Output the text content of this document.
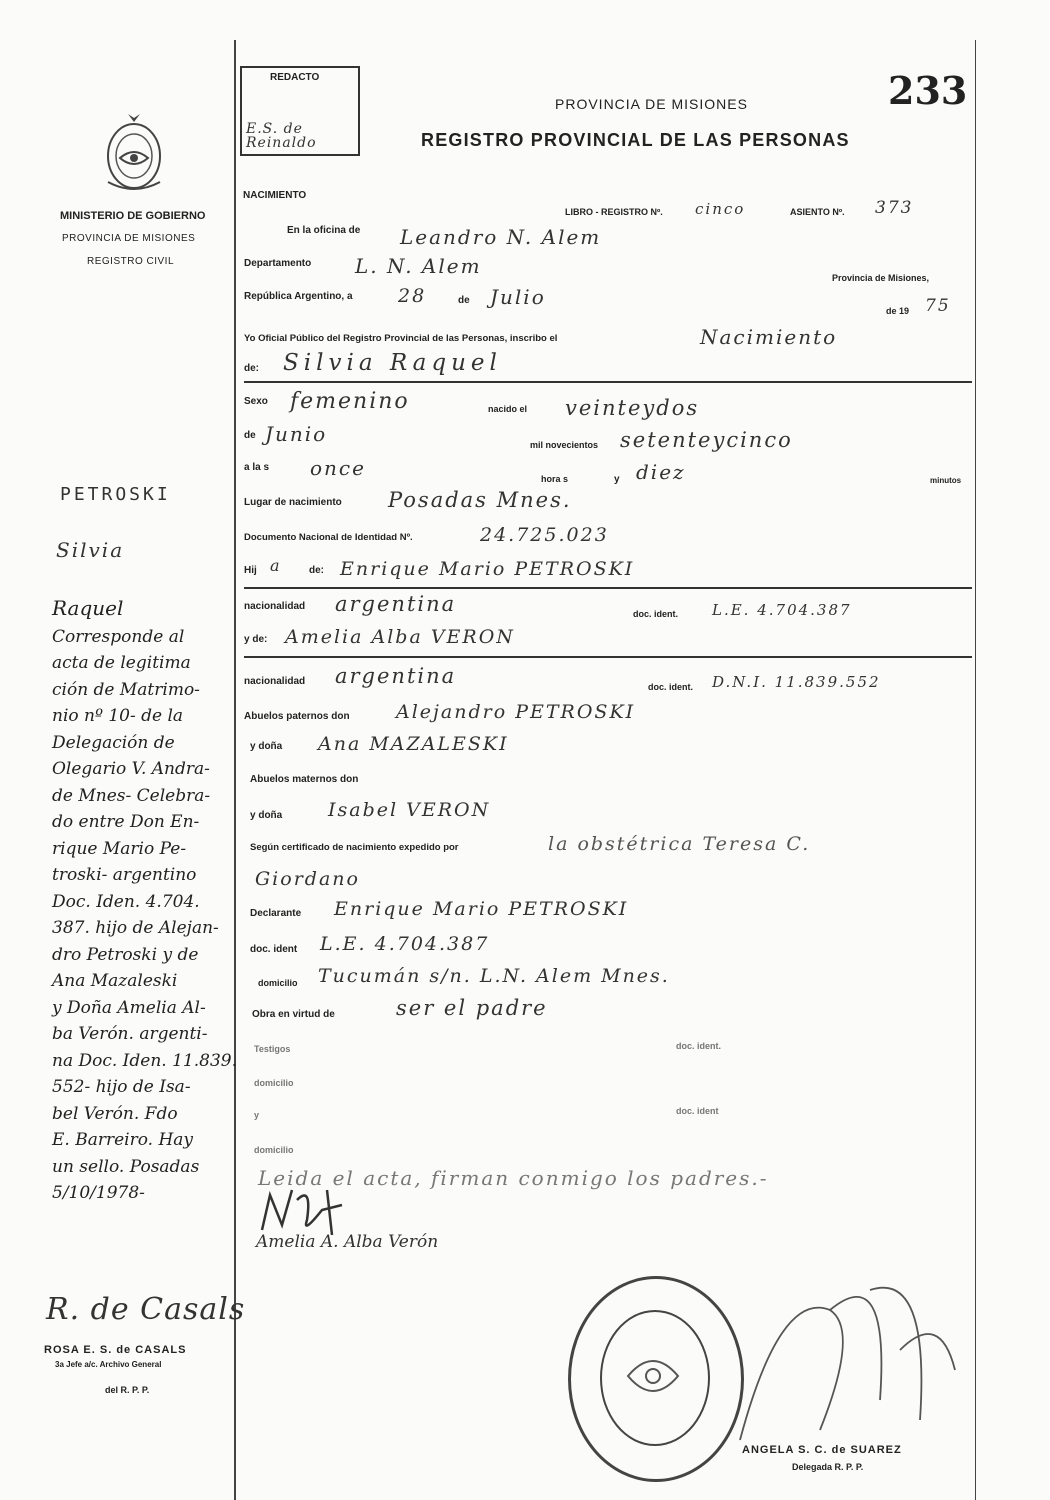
REDACTO
E.S. de Reinaldo
233
PROVINCIA DE MISIONES
REGISTRO PROVINCIAL DE LAS PERSONAS
MINISTERIO DE GOBIERNO
PROVINCIA DE MISIONES
REGISTRO CIVIL
PETROSKI
Silvia
Raquel
Corresponde al
acta de legitima
ción de Matrimo-
nio nº 10- de la
Delegación de
Olegario V. Andra-
de Mnes- Celebra-
do entre Don En-
rique Mario Pe-
troski- argentino
Doc. Iden. 4.704.
387. hijo de Alejan-
dro Petroski y de
Ana Mazaleski
y Doña Amelia Al-
ba Verón. argenti-
na Doc. Iden. 11.839.
552- hijo de Isa-
bel Verón. Fdo
E. Barreiro. Hay
un sello. Posadas
5/10/1978-
R. de Casals
ROSA E. S. de CASALS
3a Jefe a/c. Archivo General
del R. P. P.
NACIMIENTO
LIBRO - REGISTRO Nº. cinco	ASIENTO Nº. 373
En la oficina de Leandro N. Alem
Departamento L. N. Alem	Provincia de Misiones,
República Argentino, a 28	de Julio
de 19 75
Yo Oficial Público del Registro Provincial de las Personas, inscribo el	Nacimiento
de: Silvia Raquel
Sexo femenino	nacido el veinteydos
de Junio	mil novecientos setenteycinco
a la s once	hora s	y diez	minutos
Lugar de nacimiento Posadas Mnes.
Documento Nacional de Identidad Nº.	24.725.023
Hij a	de: Enrique Mario PETROSKI
nacionalidad argentina	doc. ident. L.E. 4.704.387
y de: Amelia Alba VERON
nacionalidad argentina	doc. ident. D.N.I. 11.839.552
Abuelos paternos don Alejandro PETROSKI
y doña Ana MAZALESKI
Abuelos maternos don
y doña Isabel VERON
Según certificado de nacimiento expedido por	la obstétrica Teresa C.
Giordano
Declarante Enrique Mario PETROSKI
doc. ident L.E. 4.704.387
domicilio Tucumán s/n. L.N. Alem Mnes.
Obra en virtud de	ser el padre
Testigos	doc. ident.
domicilio
y	doc. ident
domicilio
Leida el acta, firman conmigo los padres.-
Amelia A. Alba Verón
ANGELA S. C. de SUAREZ
Delegada R. P. P.
